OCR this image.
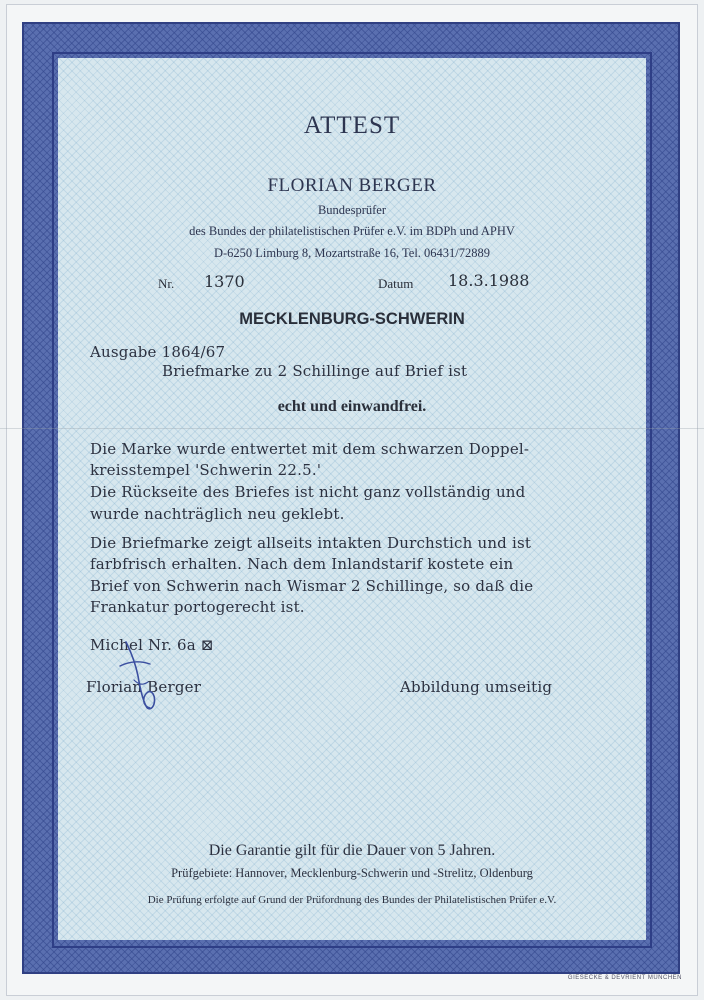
ATTEST
FLORIAN BERGER
Bundesprüfer
des Bundes der philatelistischen Prüfer e.V. im BDPh und APHV
D-6250 Limburg 8, Mozartstraße 16, Tel. 06431/72889
Nr. 1370	Datum 18.3.1988
MECKLENBURG-SCHWERIN
Ausgabe 1864/67
Briefmarke zu 2 Schillinge auf Brief ist
echt und einwandfrei.
Die Marke wurde entwertet mit dem schwarzen Doppel-
kreisstempel 'Schwerin 22.5.'
Die Rückseite des Briefes ist nicht ganz vollständig und
wurde nachträglich neu geklebt.
Die Briefmarke zeigt allseits intakten Durchstich und ist
farbfrisch erhalten. Nach dem Inlandstarif kostete ein
Brief von Schwerin nach Wismar 2 Schillinge, so daß die
Frankatur portogerecht ist.
Michel Nr. 6a ⊠
Florian Berger	Abbildung umseitig
Die Garantie gilt für die Dauer von 5 Jahren.
Prüfgebiete: Hannover, Mecklenburg-Schwerin und -Strelitz, Oldenburg
Die Prüfung erfolgte auf Grund der Prüfordnung des Bundes der Philatelistischen Prüfer e.V.
GIESECKE & DEVRIENT MÜNCHEN
